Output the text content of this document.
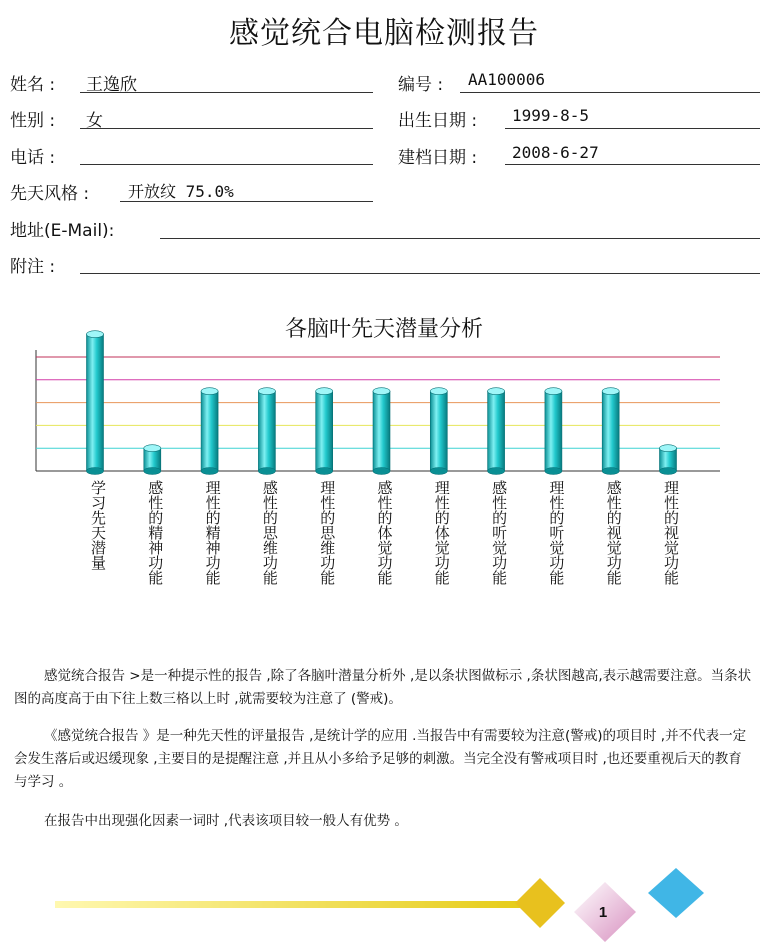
感觉统合电脑检测报告
姓名 : 王逸欣	编号 : AA100006
性别 : 女	出生日期 : 1999-8-5
电话 :	建档日期 : 2008-6-27
先天风格 : 开放纹 75.0%
地址(E-Mail):
附注 :
各脑叶先天潜量分析
学习先天潜量	感性的精神功能	理性的精神功能	感性的思维功能	理性的思维功能	感性的体觉功能	理性的体觉功能	感性的听觉功能	理性的听觉功能	感性的视觉功能	理性的视觉功能
感觉统合报告 >是一种提示性的报告 ,除了各脑叶潜量分析外 ,是以条状图做标示 ,条状图越高,表示越需要注意。当条状图的高度高于由下往上数三格以上时 ,就需要较为注意了 (警戒)。
《感觉统合报告 》是一种先天性的评量报告 ,是统计学的应用 .当报告中有需要较为注意(警戒)的项目时 ,并不代表一定会发生落后或迟缓现象 ,主要目的是提醒注意 ,并且从小多给予足够的刺激。当完全没有警戒项目时 ,也还要重视后天的教育与学习 。
在报告中出现强化因素一词时 ,代表该项目较一般人有优势 。
1
